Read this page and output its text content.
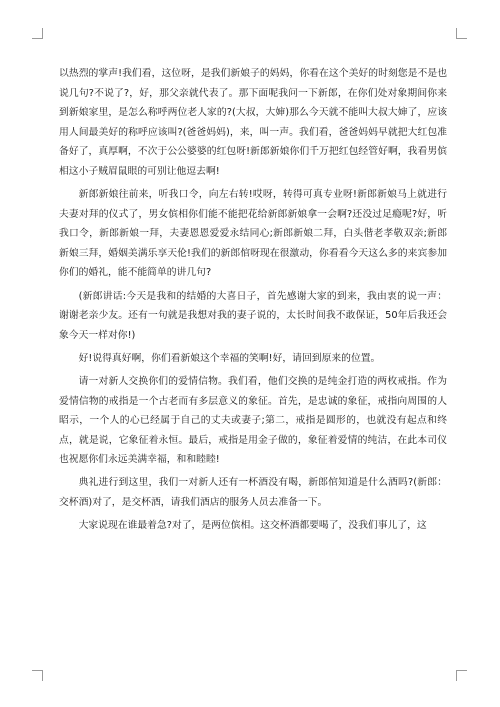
以热烈的掌声!我们看，这位呀，是我们新娘子的妈妈，你看在这个美好的时刻您是不是也说几句?不说了?，好，那父亲就代表了。那下面呢我问一下新郎，在你们处对象期间你来到新娘家里，是怎么称呼两位老人家的?(大叔，大婶)那么今天就不能叫大叔大婶了，应该用人间最美好的称呼应该叫?(爸爸妈妈)，来，叫一声。我们看，爸爸妈妈早就把大红包准备好了，真厚啊，不次于公公婆婆的红包呀!新郎新娘你们千万把红包经管好啊，我看男傧相这小子贼眉鼠眼的可别让他逗去啊!

新郎新娘往前来，听我口令，向左右转!哎呀，转得可真专业呀!新郎新娘马上就进行夫妻对拜的仪式了，男女傧相你们能不能把花给新郎新娘拿一会啊?还没过足瘾呢?好，听我口令，新郎新娘一拜，夫妻恩恩爱爱永结同心;新郎新娘二拜，白头偕老孝敬双亲;新郎新娘三拜，婚姻美满乐享天伦!我们的新郎倌呀现在很激动，你看看今天这么多的来宾参加你们的婚礼，能不能简单的讲几句?

(新郎讲话:今天是我和的结婚的大喜日子，首先感谢大家的到来，我由衷的说一声：谢谢老亲少友。还有一句就是我想对我的妻子说的，太长时间我不敢保证，50年后我还会象今天一样对你!)

好!说得真好啊，你们看新娘这个幸福的笑啊!好，请回到原来的位置。

请一对新人交换你们的爱情信物。我们看，他们交换的是纯金打造的两枚戒指。作为爱情信物的戒指是一个古老而有多层意义的象征。首先，是忠诚的象征，戒指向周围的人昭示，一个人的心已经属于自己的丈夫或妻子;第二，戒指是圆形的，也就没有起点和终点，就是说，它象征着永恒。最后，戒指是用金子做的，象征着爱情的纯洁，在此本司仪也祝愿你们永远美满幸福，和和睦睦!

典礼进行到这里，我们一对新人还有一杯酒没有喝，新郎倌知道是什么酒吗?(新郎：交杯酒)对了，是交杯酒，请我们酒店的服务人员去准备一下。

大家说现在谁最着急?对了，是两位傧相。这交杯酒都要喝了，没我们事儿了，这
